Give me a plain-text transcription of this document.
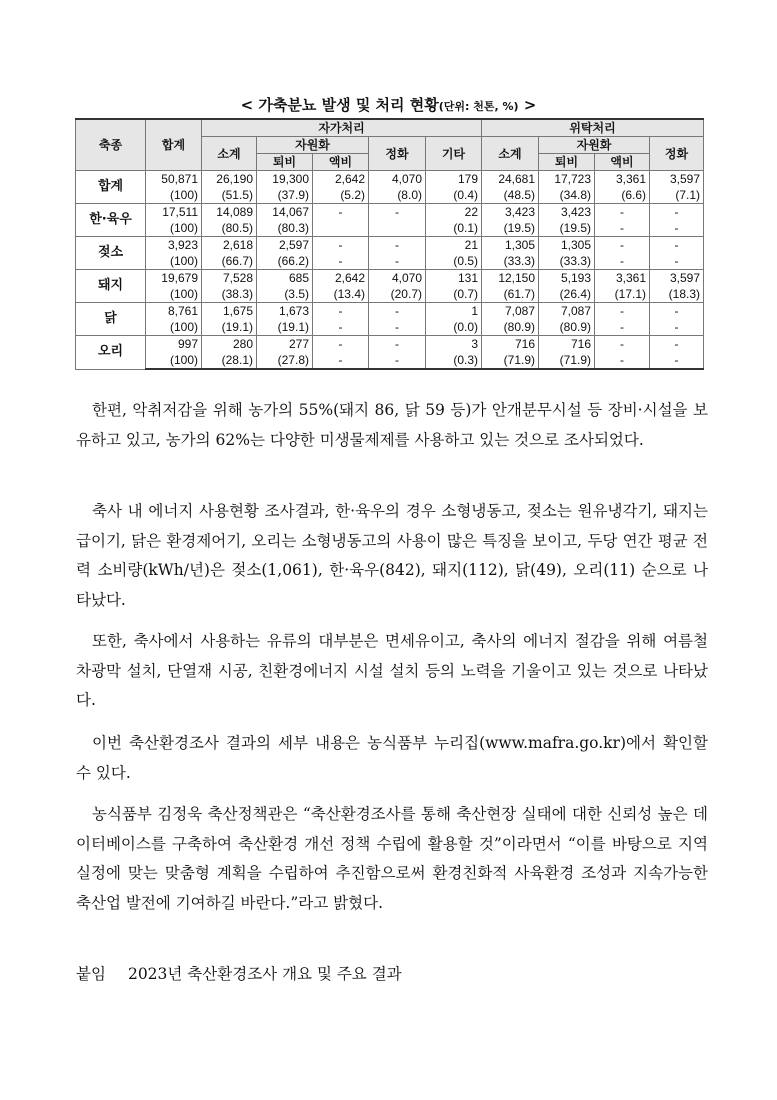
< 가축분뇨 발생 및 처리 현황(단위: 천톤, %) >
축종	합계	자가처리					위탁처리			
		소계	자원화		정화	기타	소계	자원화		정화
			퇴비	액비				퇴비	액비	
합계	50,871	26,190	19,300	2,642	4,070	179	24,681	17,723	3,361	3,597
	(100)	(51.5)	(37.9)	(5.2)	(8.0)	(0.4)	(48.5)	(34.8)	(6.6)	(7.1)
한·육우	17,511	14,089	14,067	-	-	22	3,423	3,423	-	-
	(100)	(80.5)	(80.3)			(0.1)	(19.5)	(19.5)	-	-
젖소	3,923	2,618	2,597	-	-	21	1,305	1,305	-	-
	(100)	(66.7)	(66.2)	-	-	(0.5)	(33.3)	(33.3)	-	-
돼지	19,679	7,528	685	2,642	4,070	131	12,150	5,193	3,361	3,597
	(100)	(38.3)	(3.5)	(13.4)	(20.7)	(0.7)	(61.7)	(26.4)	(17.1)	(18.3)
닭	8,761	1,675	1,673	-	-	1	7,087	7,087	-	-
	(100)	(19.1)	(19.1)	-	-	(0.0)	(80.9)	(80.9)	-	-
오리	997	280	277	-	-	3	716	716	-	-
	(100)	(28.1)	(27.8)	-	-	(0.3)	(71.9)	(71.9)	-	-

한편, 악취저감을 위해 농가의 55%(돼지 86, 닭 59 등)가 안개분무시설 등 장비·시설을 보유하고 있고, 농가의 62%는 다양한 미생물제제를 사용하고 있는 것으로 조사되었다.

축사 내 에너지 사용현황 조사결과, 한·육우의 경우 소형냉동고, 젖소는 원유냉각기, 돼지는 급이기, 닭은 환경제어기, 오리는 소형냉동고의 사용이 많은 특징을 보이고, 두당 연간 평균 전력 소비량(kWh/년)은 젖소(1,061), 한·육우(842), 돼지(112), 닭(49), 오리(11) 순으로 나타났다.

또한, 축사에서 사용하는 유류의 대부분은 면세유이고, 축사의 에너지 절감을 위해 여름철 차광막 설치, 단열재 시공, 친환경에너지 시설 설치 등의 노력을 기울이고 있는 것으로 나타났다.

이번 축산환경조사 결과의 세부 내용은 농식품부 누리집(www.mafra.go.kr)에서 확인할 수 있다.

농식품부 김정욱 축산정책관은 “축산환경조사를 통해 축산현장 실태에 대한 신뢰성 높은 데이터베이스를 구축하여 축산환경 개선 정책 수립에 활용할 것”이라면서 “이를 바탕으로 지역 실정에 맞는 맞춤형 계획을 수립하여 추진함으로써 환경친화적 사육환경 조성과 지속가능한 축산업 발전에 기여하길 바란다.”라고 밝혔다.

붙임 2023년 축산환경조사 개요 및 주요 결과
